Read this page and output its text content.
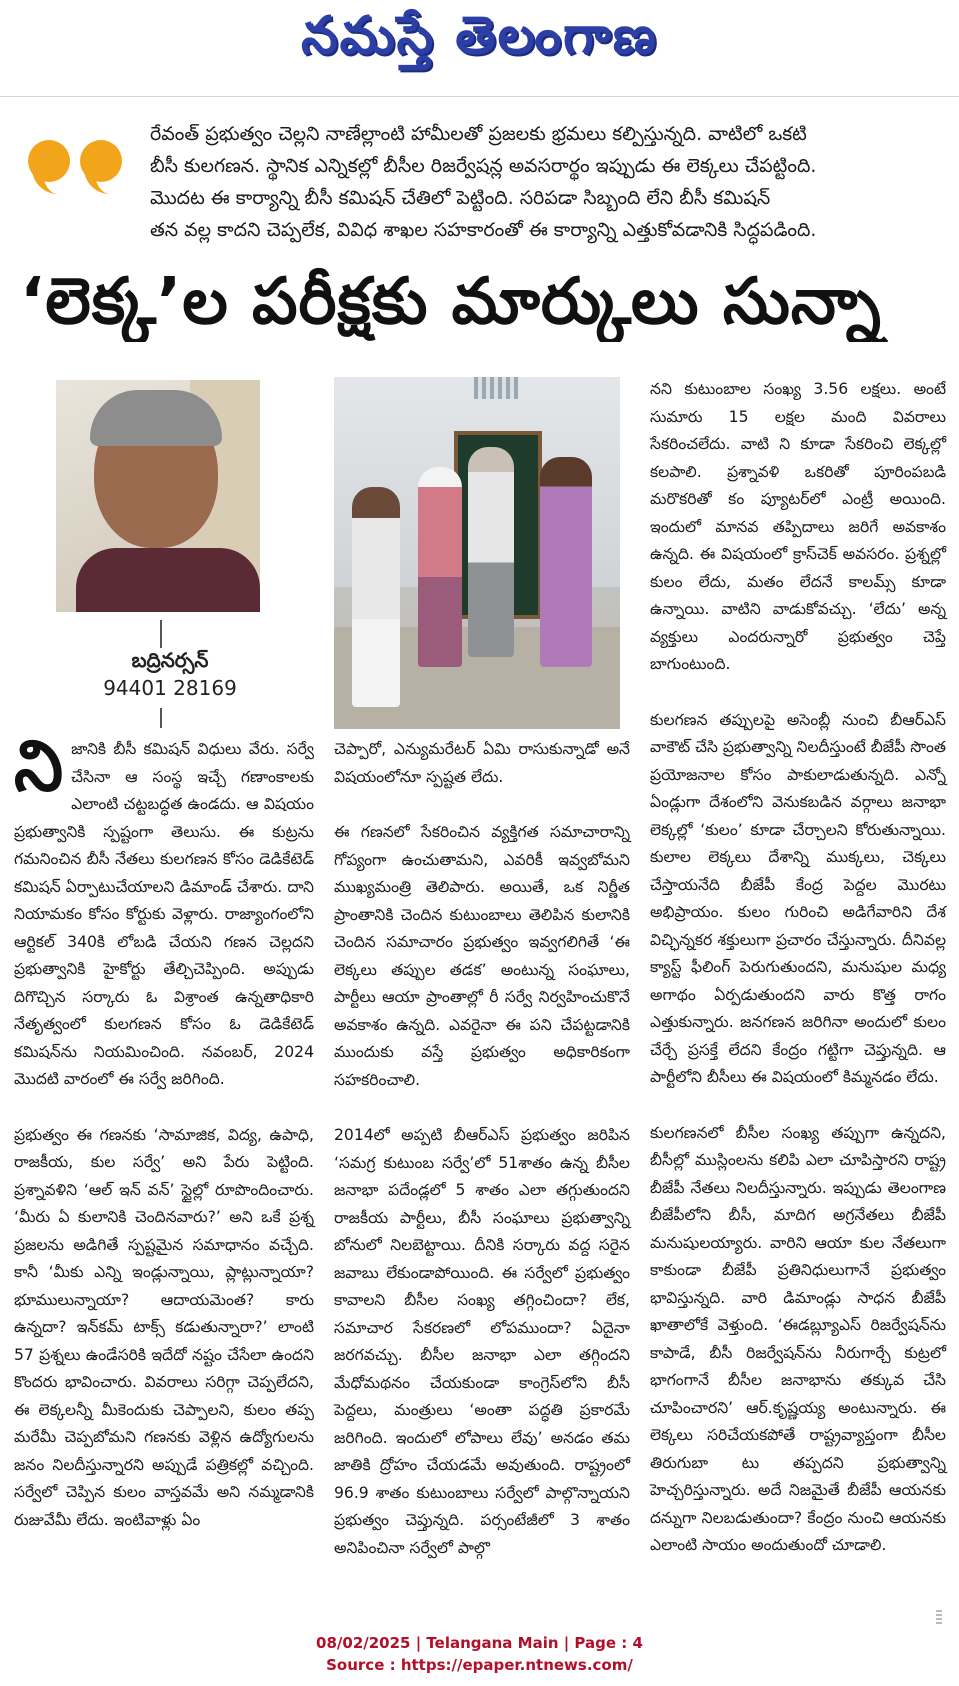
నమస్తే తెలంగాణ

రేవంత్ ప్రభుత్వం చెల్లని నాణేల్లాంటి హామీలతో ప్రజలకు భ్రమలు కల్పిస్తున్నది. వాటిలో ఒకటి

బీసీ కులగణన. స్థానిక ఎన్నికల్లో బీసీల రిజర్వేషన్ల అవసరార్థం ఇప్పుడు ఈ లెక్కలు చేపట్టింది.

మొదట ఈ కార్యాన్ని బీసీ కమిషన్ చేతిలో పెట్టింది. సరిపడా సిబ్బంది లేని బీసీ కమిషన్

తన వల్ల కాదని చెప్పలేక, వివిధ శాఖల సహకారంతో ఈ కార్యాన్ని ఎత్తుకోవడానికి సిద్ధపడింది.

‘లెక్క’ల పరీక్షకు మార్కులు సున్నా
బద్రినర్సన్
94401 28169

ని జానికి బీసీ కమిషన్ విధులు వేరు. సర్వే చేసినా ఆ సంస్థ ఇచ్చే గణాంకాలకు ఎలాంటి చట్టబద్ధత ఉండదు. ఆ విషయం ప్రభుత్వానికి స్పష్టంగా తెలుసు. ఈ కుట్రను గమనించిన బీసీ నేతలు కులగణన కోసం డెడికేటెడ్ కమిషన్ ఏర్పాటుచేయాలని డిమాండ్ చేశారు. దాని నియామకం కోసం కోర్టుకు వెళ్లారు. రాజ్యాంగంలోని ఆర్టికల్ 340కి లోబడి చేయని గణన చెల్లదని ప్రభుత్వానికి హైకోర్టు తేల్చిచెప్పింది. అప్పుడు దిగొచ్చిన సర్కారు ఓ విశ్రాంత ఉన్నతాధికారి నేతృత్వంలో కులగణన కోసం ఓ డెడికేటెడ్ కమిషన్‌ను నియమించింది. నవంబర్, 2024 మొదటి వారంలో ఈ సర్వే జరిగింది.

ప్రభుత్వం ఈ గణనకు ‘సామాజిక, విద్య, ఉపాధి, రాజకీయ, కుల సర్వే’ అని పేరు పెట్టింది. ప్రశ్నావళిని ‘ఆల్ ఇన్ వన్’ స్టైల్లో రూపొందించారు. ‘మీరు ఏ కులానికి చెందినవారు?’ అని ఒకే ప్రశ్న ప్రజలను అడిగితే స్పష్టమైన సమాధానం వచ్చేది. కానీ ‘మీకు ఎన్ని ఇండ్లున్నాయి, ప్లాట్లున్నాయా? భూములున్నాయా? ఆదాయమెంత? కారు ఉన్నదా? ఇన్‌కమ్ టాక్స్ కడుతున్నారా?’ లాంటి 57 ప్రశ్నలు ఉండేసరికి ఇదేదో నష్టం చేసేలా ఉందని కొందరు భావించారు. వివరాలు సరిగ్గా చెప్పలేదని, ఈ లెక్కలన్నీ మీకెందుకు చెప్పాలని, కులం తప్ప మరేమీ చెప్పబోమని గణనకు వెళ్లిన ఉద్యోగులను జనం నిలదీస్తున్నారని అప్పుడే పత్రికల్లో వచ్చింది. సర్వేలో చెప్పిన కులం వాస్తవమే అని నమ్మడానికి రుజువేమీ లేదు. ఇంటివాళ్లు ఏం

చెప్పారో, ఎన్యుమరేటర్ ఏమి రాసుకున్నాడో అనే విషయంలోనూ స్పష్టత లేదు.

ఈ గణనలో సేకరించిన వ్యక్తిగత సమాచారాన్ని గోప్యంగా ఉంచుతామని, ఎవరికీ ఇవ్వబోమని ముఖ్యమంత్రి తెలిపారు. అయితే, ఒక నిర్ణీత ప్రాంతానికి చెందిన కుటుంబాలు తెలిపిన కులానికి చెందిన సమాచారం ప్రభుత్వం ఇవ్వగలిగితే ‘ఈ లెక్కలు తప్పుల తడక’ అంటున్న సంఘాలు, పార్టీలు ఆయా ప్రాంతాల్లో రీ సర్వే నిర్వహించుకొనే అవకాశం ఉన్నది. ఎవరైనా ఈ పని చేపట్టడానికి ముందుకు వస్తే ప్రభుత్వం అధికారికంగా సహకరించాలి.

2014లో అప్పటి బీఆర్‌ఎస్ ప్రభుత్వం జరిపిన ‘సమగ్ర కుటుంబ సర్వే’లో 51శాతం ఉన్న బీసీల జనాభా పదేండ్లలో 5 శాతం ఎలా తగ్గుతుందని రాజకీయ పార్టీలు, బీసీ సంఘాలు ప్రభుత్వాన్ని బోనులో నిలబెట్టాయి. దీనికి సర్కారు వద్ద సరైన జవాబు లేకుండాపోయింది. ఈ సర్వేలో ప్రభుత్వం కావాలని బీసీల సంఖ్య తగ్గించిందా? లేక, సమాచార సేకరణలో లోపముందా? ఏదైనా జరగవచ్చు. బీసీల జనాభా ఎలా తగ్గిందని మేధోమథనం చేయకుండా కాంగ్రెస్‌లోని బీసీ పెద్దలు, మంత్రులు ‘అంతా పద్ధతి ప్రకారమే జరిగింది. ఇందులో లోపాలు లేవు’ అనడం తమ జాతికి ద్రోహం చేయడమే అవుతుంది. రాష్ట్రంలో 96.9 శాతం కుటుంబాలు సర్వేలో పాల్గొన్నాయని ప్రభుత్వం చెప్తున్నది. పర్సంటేజీలో 3 శాతం అనిపించినా సర్వేలో పాల్గొ

నని కుటుంబాల సంఖ్య 3.56 లక్షలు. అంటే సుమారు 15 లక్షల మంది వివరాలు సేకరించలేదు. వాటి ని కూడా సేకరించి లెక్కల్లో కలపాలి. ప్రశ్నావళి ఒకరితో పూరింపబడి మరొకరితో కం ప్యూటర్‌లో ఎంట్రీ అయింది. ఇందులో మానవ తప్పిదాలు జరిగే అవకాశం ఉన్నది. ఈ విషయంలో క్రాస్‌చెక్ అవసరం. ప్రశ్నల్లో కులం లేదు, మతం లేదనే కాలమ్స్ కూడా ఉన్నాయి. వాటిని వాడుకోవచ్చు. ‘లేదు’ అన్న వ్యక్తులు ఎందరున్నారో ప్రభుత్వం చెప్తే బాగుంటుంది.

కులగణన తప్పులపై అసెంబ్లీ నుంచి బీఆర్‌ఎస్ వాకౌట్ చేసి ప్రభుత్వాన్ని నిలదీస్తుంటే బీజేపీ సొంత ప్రయోజనాల కోసం పాకులాడుతున్నది. ఎన్నో ఏండ్లుగా దేశంలోని వెనుకబడిన వర్గాలు జనాభా లెక్కల్లో ‘కులం’ కూడా చేర్చాలని కోరుతున్నాయి. కులాల లెక్కలు దేశాన్ని ముక్కలు, చెక్కలు చేస్తాయనేది బీజేపీ కేంద్ర పెద్దల మొరటు అభిప్రాయం. కులం గురించి అడిగేవారిని దేశ విచ్ఛిన్నకర శక్తులుగా ప్రచారం చేస్తున్నారు. దీనివల్ల క్యాస్ట్ ఫీలింగ్ పెరుగుతుందని, మనుషుల మధ్య అగాథం ఏర్పడుతుందని వారు కొత్త రాగం ఎత్తుకున్నారు. జనగణన జరిగినా అందులో కులం చేర్చే ప్రసక్తే లేదని కేంద్రం గట్టిగా చెప్తున్నది. ఆ పార్టీలోని బీసీలు ఈ విషయంలో కిమ్మనడం లేదు.

కులగణనలో బీసీల సంఖ్య తప్పుగా ఉన్నదని, బీసీల్లో ముస్లింలను కలిపి ఎలా చూపిస్తారని రాష్ట్ర బీజేపీ నేతలు నిలదీస్తున్నారు. ఇప్పుడు తెలంగాణ బీజేపీలోని బీసీ, మాదిగ అగ్రనేతలు బీజేపీ మనుషులయ్యారు. వారిని ఆయా కుల నేతలుగా కాకుండా బీజేపీ ప్రతినిధులుగానే ప్రభుత్వం భావిస్తున్నది. వారి డిమాండ్లు సాధన బీజేపీ ఖాతాలోకే వెళ్తుంది. ‘ఈడబ్ల్యూఎస్ రిజర్వేషన్‌ను కాపాడే, బీసీ రిజర్వేషన్‌ను నీరుగార్చే కుట్రలో భాగంగానే బీసీల జనాభాను తక్కువ చేసి చూపించారని’ ఆర్.కృష్ణయ్య అంటున్నారు. ఈ లెక్కలు సరిచేయకపోతే రాష్ట్రవ్యాప్తంగా బీసీల తిరుగుబా టు తప్పదని ప్రభుత్వాన్ని హెచ్చరిస్తున్నారు. అదే నిజమైతే బీజేపీ ఆయనకు దన్నుగా నిలబడుతుందా? కేంద్రం నుంచి ఆయనకు ఎలాంటి సాయం అందుతుందో చూడాలి.

08/02/2025 | Telangana Main | Page : 4
Source : https://epaper.ntnews.com/
